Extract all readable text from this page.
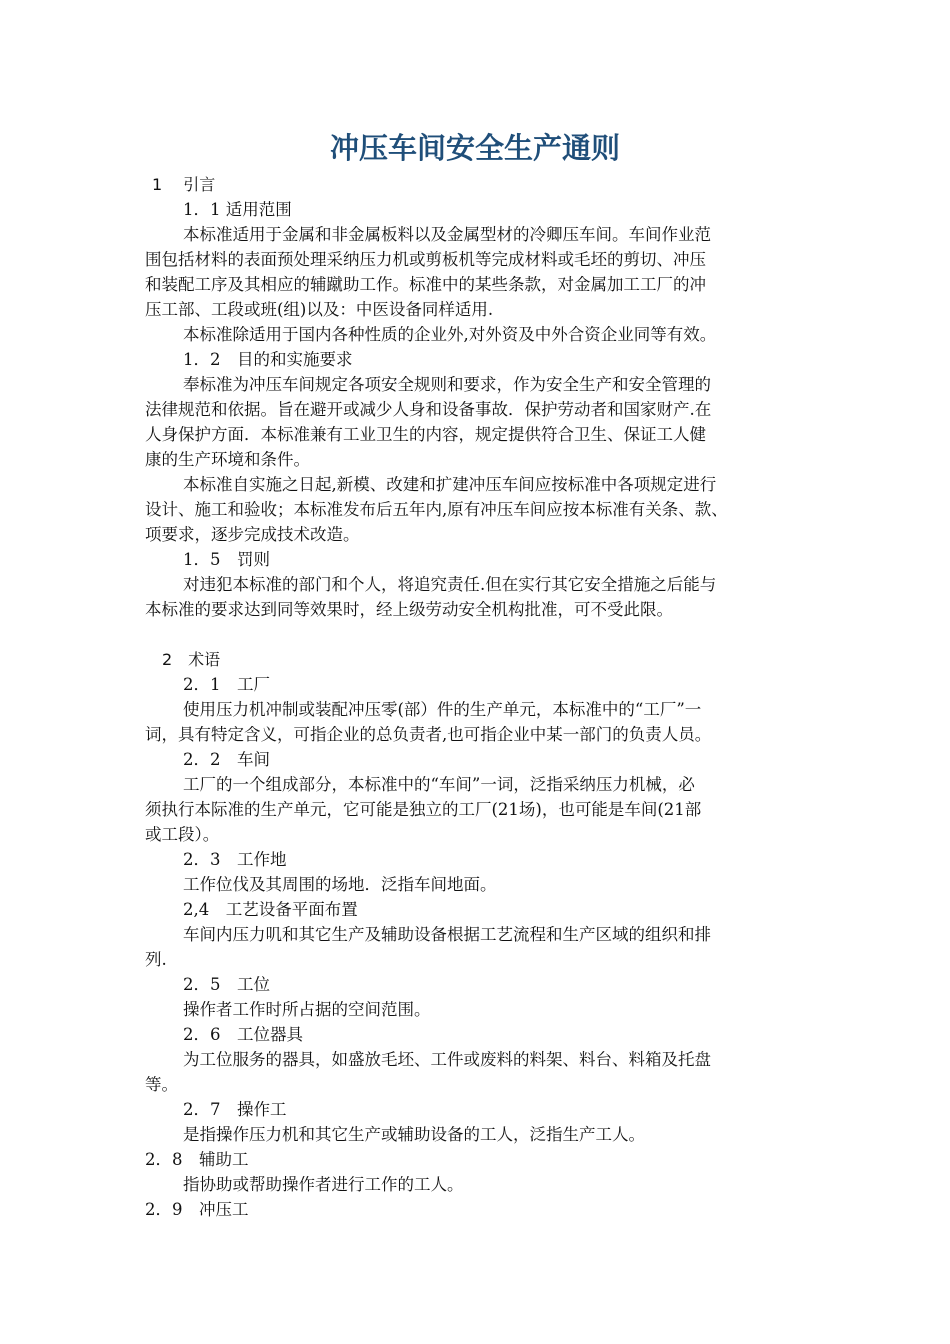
冲压车间安全生产通则
1　 引言
1．1 适用范围
本标准适用于金属和非金属板料以及金属型材的冷卿压车间。车间作业范
围包括材料的表面预处理采纳压力机或剪板机等完成材料或毛坯的剪切、冲压
和装配工序及其相应的辅蹴助工作。标准中的某些条款，对金属加工工厂的冲
压工部、工段或班(组)以及：中医设备同样适用.
本标准除适用于国内各种性质的企业外,对外资及中外合资企业同等有效。
1．2　目的和实施要求
奉标准为冲压车间规定各项安全规则和要求，作为安全生产和安全管理的
法律规范和依据。旨在避开或减少人身和设备事故．保护劳动者和国家财产.在
人身保护方面．本标准兼有工业卫生的内容，规定提供符合卫生、保证工人健
康的生产环境和条件。
本标准自实施之日起,新模、改建和扩建冲压车间应按标准中各项规定进行
设计、施工和验收；本标准发布后五年内,原有冲压车间应按本标准有关条、款、
项要求，逐步完成技术改造。
1．5　罚则
对违犯本标准的部门和个人，将追究责任.但在实行其它安全措施之后能与
本标准的要求达到同等效果时，经上级劳动安全机构批准，可不受此限。
2　术语
2．1　工厂
使用压力机冲制或装配冲压零(部）件的生产单元，本标准中的“工厂”一
词，具有特定含义，可指企业的总负责者,也可指企业中某一部门的负责人员。
2．2　车间
工厂的一个组成部分，本标准中的“车间”一词，泛指采纳压力机械，必
须执行本际准的生产单元，它可能是独立的工厂(21场)，也可能是车间(21部
或工段）。
2．3　工作地
工作位伐及其周围的场地．泛指车间地面。
2,4　工艺设备平面布置
车间内压力叽和其它生产及辅助设备根据工艺流程和生产区域的组织和排
列.
2．5　工位
操作者工作时所占据的空间范围。
2．6　工位器具
为工位服务的器具，如盛放毛坯、工件或废料的料架、料台、料箱及托盘
等。
2．7　操作工
是指操作压力机和其它生产或辅助设备的工人，泛指生产工人。
2．8　辅助工
指协助或帮助操作者进行工作的工人。
2．9　冲压工
